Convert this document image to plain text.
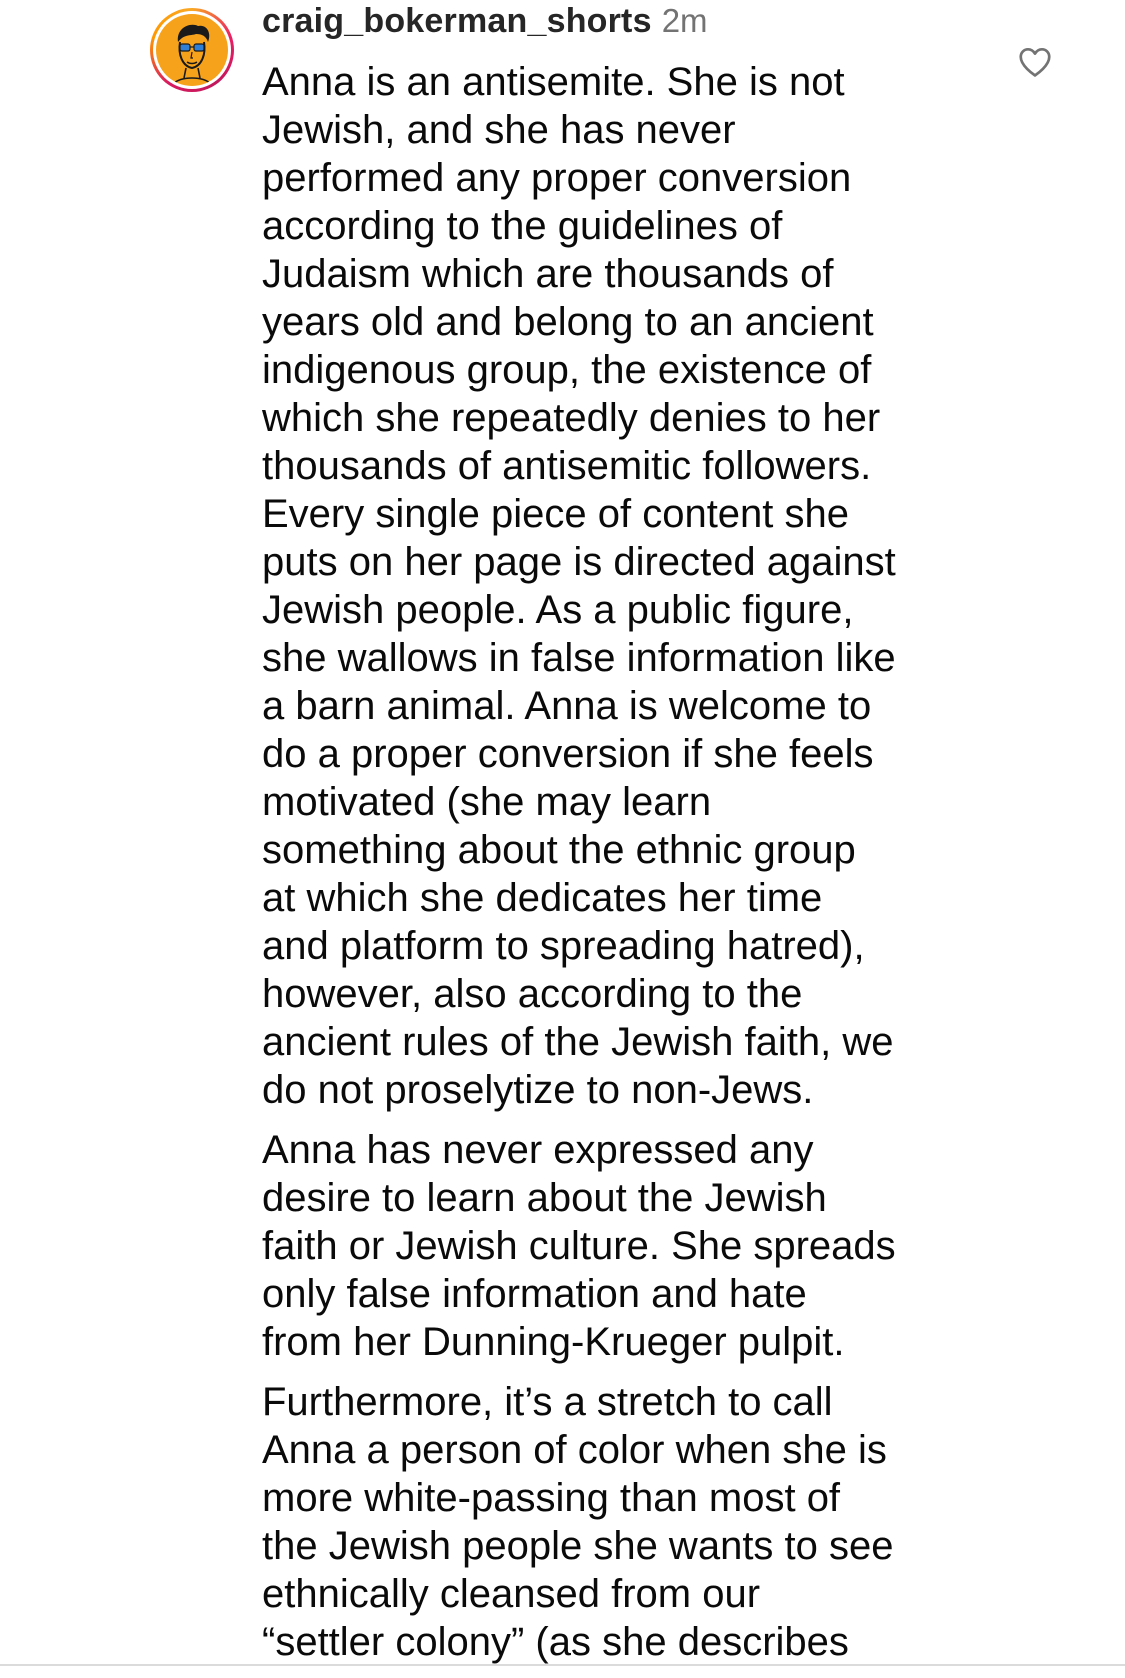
craig_bokerman_shorts 2m
Anna is an antisemite. She is not
Jewish, and she has never
performed any proper conversion
according to the guidelines of
Judaism which are thousands of
years old and belong to an ancient
indigenous group, the existence of
which she repeatedly denies to her
thousands of antisemitic followers.
Every single piece of content she
puts on her page is directed against
Jewish people. As a public figure,
she wallows in false information like
a barn animal. Anna is welcome to
do a proper conversion if she feels
motivated (she may learn
something about the ethnic group
at which she dedicates her time
and platform to spreading hatred),
however, also according to the
ancient rules of the Jewish faith, we
do not proselytize to non-Jews.
Anna has never expressed any
desire to learn about the Jewish
faith or Jewish culture. She spreads
only false information and hate
from her Dunning-Krueger pulpit.
Furthermore, it’s a stretch to call
Anna a person of color when she is
more white-passing than most of
the Jewish people she wants to see
ethnically cleansed from our
“settler colony” (as she describes
